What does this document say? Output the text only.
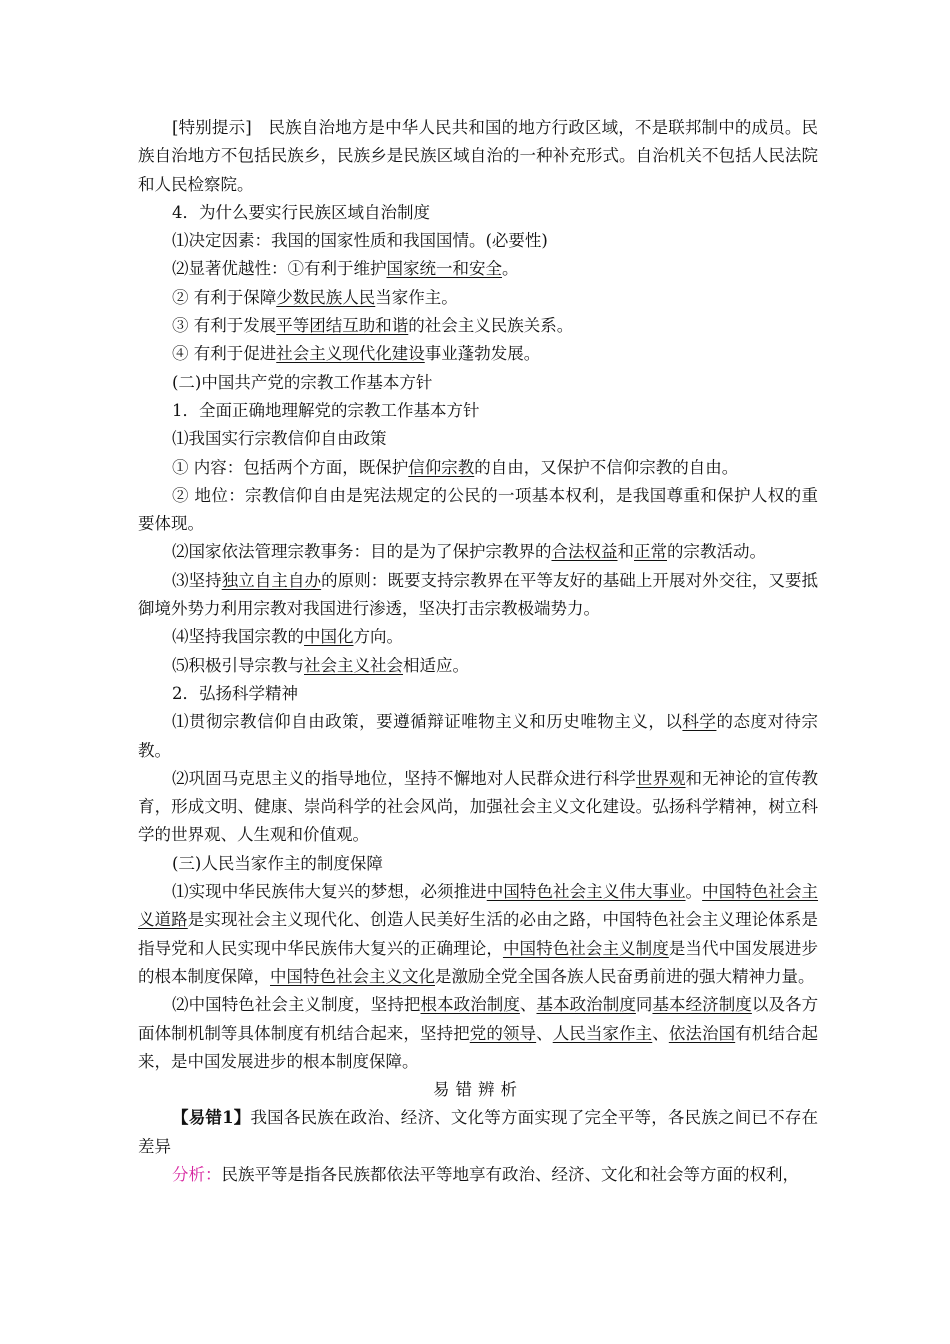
[特别提示]　民族自治地方是中华人民共和国的地方行政区域，不是联邦制中的成员。民族自治地方不包括民族乡，民族乡是民族区域自治的一种补充形式。自治机关不包括人民法院和人民检察院。

4．为什么要实行民族区域自治制度

⑴决定因素：我国的国家性质和我国国情。(必要性)

⑵显著优越性：①有利于维护国家统一和安全。

② 有利于保障少数民族人民当家作主。

③ 有利于发展平等团结互助和谐的社会主义民族关系。

④ 有利于促进社会主义现代化建设事业蓬勃发展。

(二)中国共产党的宗教工作基本方针

1．全面正确地理解党的宗教工作基本方针

⑴我国实行宗教信仰自由政策

① 内容：包括两个方面，既保护信仰宗教的自由，又保护不信仰宗教的自由。

② 地位：宗教信仰自由是宪法规定的公民的一项基本权利，是我国尊重和保护人权的重要体现。

⑵国家依法管理宗教事务：目的是为了保护宗教界的合法权益和正常的宗教活动。

⑶坚持独立自主自办的原则：既要支持宗教界在平等友好的基础上开展对外交往，又要抵御境外势力利用宗教对我国进行渗透，坚决打击宗教极端势力。

⑷坚持我国宗教的中国化方向。

⑸积极引导宗教与社会主义社会相适应。

2．弘扬科学精神

⑴贯彻宗教信仰自由政策，要遵循辩证唯物主义和历史唯物主义，以科学的态度对待宗教。

⑵巩固马克思主义的指导地位，坚持不懈地对人民群众进行科学世界观和无神论的宣传教育，形成文明、健康、崇尚科学的社会风尚，加强社会主义文化建设。弘扬科学精神，树立科学的世界观、人生观和价值观。

(三)人民当家作主的制度保障

⑴实现中华民族伟大复兴的梦想，必须推进中国特色社会主义伟大事业。中国特色社会主义道路是实现社会主义现代化、创造人民美好生活的必由之路，中国特色社会主义理论体系是指导党和人民实现中华民族伟大复兴的正确理论，中国特色社会主义制度是当代中国发展进步的根本制度保障，中国特色社会主义文化是激励全党全国各族人民奋勇前进的强大精神力量。

⑵中国特色社会主义制度，坚持把根本政治制度、基本政治制度同基本经济制度以及各方面体制机制等具体制度有机结合起来，坚持把党的领导、人民当家作主、依法治国有机结合起来，是中国发展进步的根本制度保障。

易错辨析

【易错1】我国各民族在政治、经济、文化等方面实现了完全平等，各民族之间已不存在差异

分析：民族平等是指各民族都依法平等地享有政治、经济、文化和社会等方面的权利，
